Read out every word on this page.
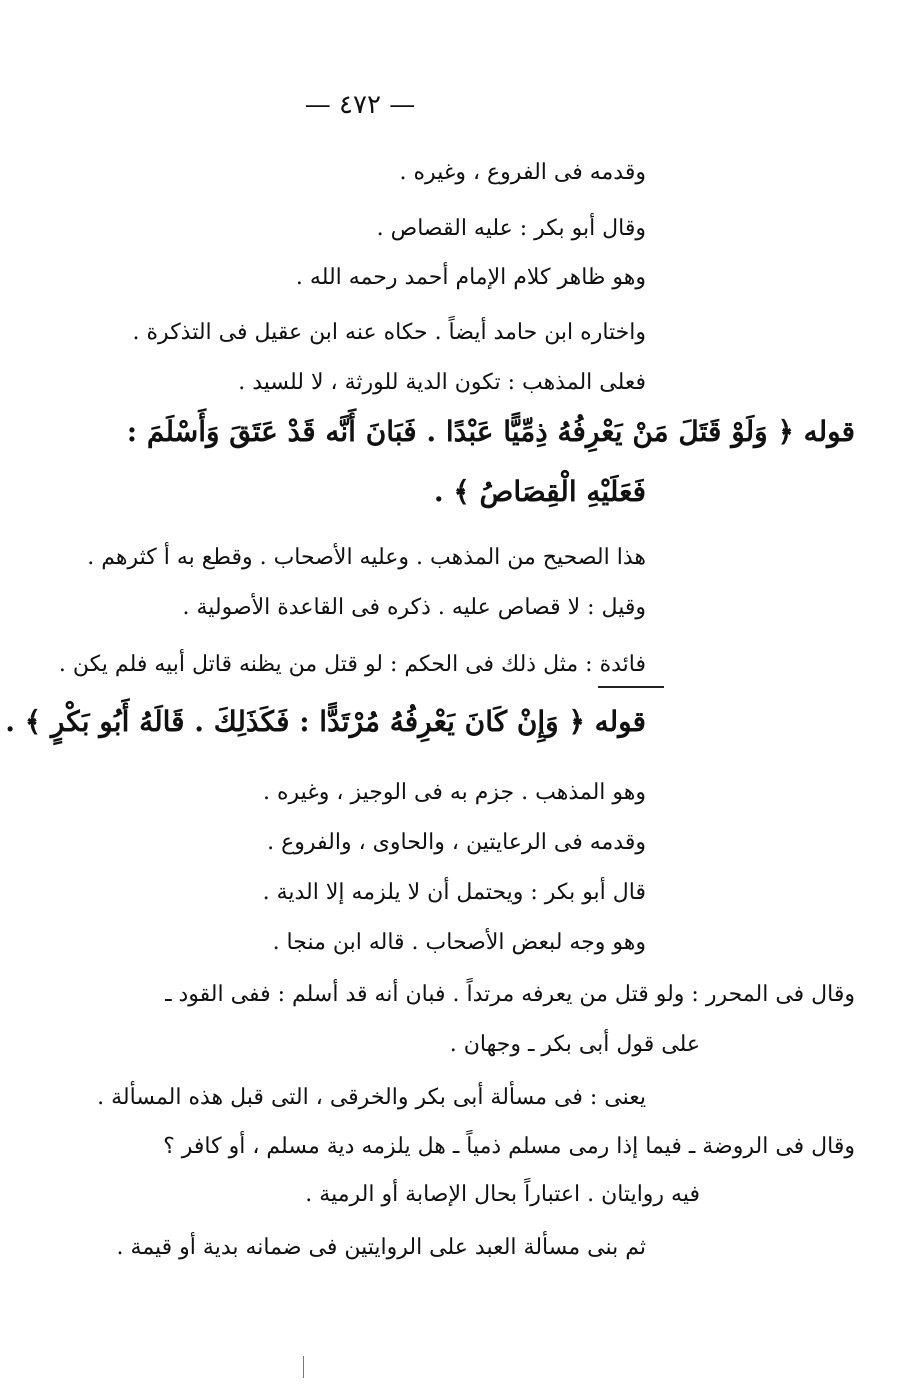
— ٤٧٢ —
وقدمه فى الفروع ، وغيره .
وقال أبو بكر : عليه القصاص .
وهو ظاهر كلام الإمام أحمد رحمه الله .
واختاره ابن حامد أيضاً . حكاه عنه ابن عقيل فى التذكرة .
فعلى المذهب : تكون الدية للورثة ، لا للسيد .
قوله ﴿ وَلَوْ قَتَلَ مَنْ يَعْرِفُهُ ذِمِّيًّا عَبْدًا . فَبَانَ أَنَّه قَدْ عَتَقَ وَأَسْلَمَ :
فَعَلَيْهِ الْقِصَاصُ ﴾ .
هذا الصحيح من المذهب . وعليه الأصحاب . وقطع به أ كثرهم .
وقيل : لا قصاص عليه . ذكره فى القاعدة الأصولية .
فائدة : مثل ذلك فى الحكم : لو قتل من يظنه قاتل أبيه فلم يكن .
قوله ﴿ وَإِنْ كَانَ يَعْرِفُهُ مُرْتَدًّا : فَكَذَلِكَ . قَالَهُ أَبُو بَكْرٍ ﴾ .
وهو المذهب . جزم به فى الوجيز ، وغيره .
وقدمه فى الرعايتين ، والحاوى ، والفروع .
قال أبو بكر : ويحتمل أن لا يلزمه إلا الدية .
وهو وجه لبعض الأصحاب . قاله ابن منجا .
وقال فى المحرر : ولو قتل من يعرفه مرتداً . فبان أنه قد أسلم : ففى القود ـ
على قول أبى بكر ـ وجهان .
يعنى : فى مسألة أبى بكر والخرقى ، التى قبل هذه المسألة .
وقال فى الروضة ـ فيما إذا رمى مسلم ذمياً ـ هل يلزمه دية مسلم ، أو كافر ؟
فيه روايتان . اعتباراً بحال الإصابة أو الرمية .
ثم بنى مسألة العبد على الروايتين فى ضمانه بدية أو قيمة .
